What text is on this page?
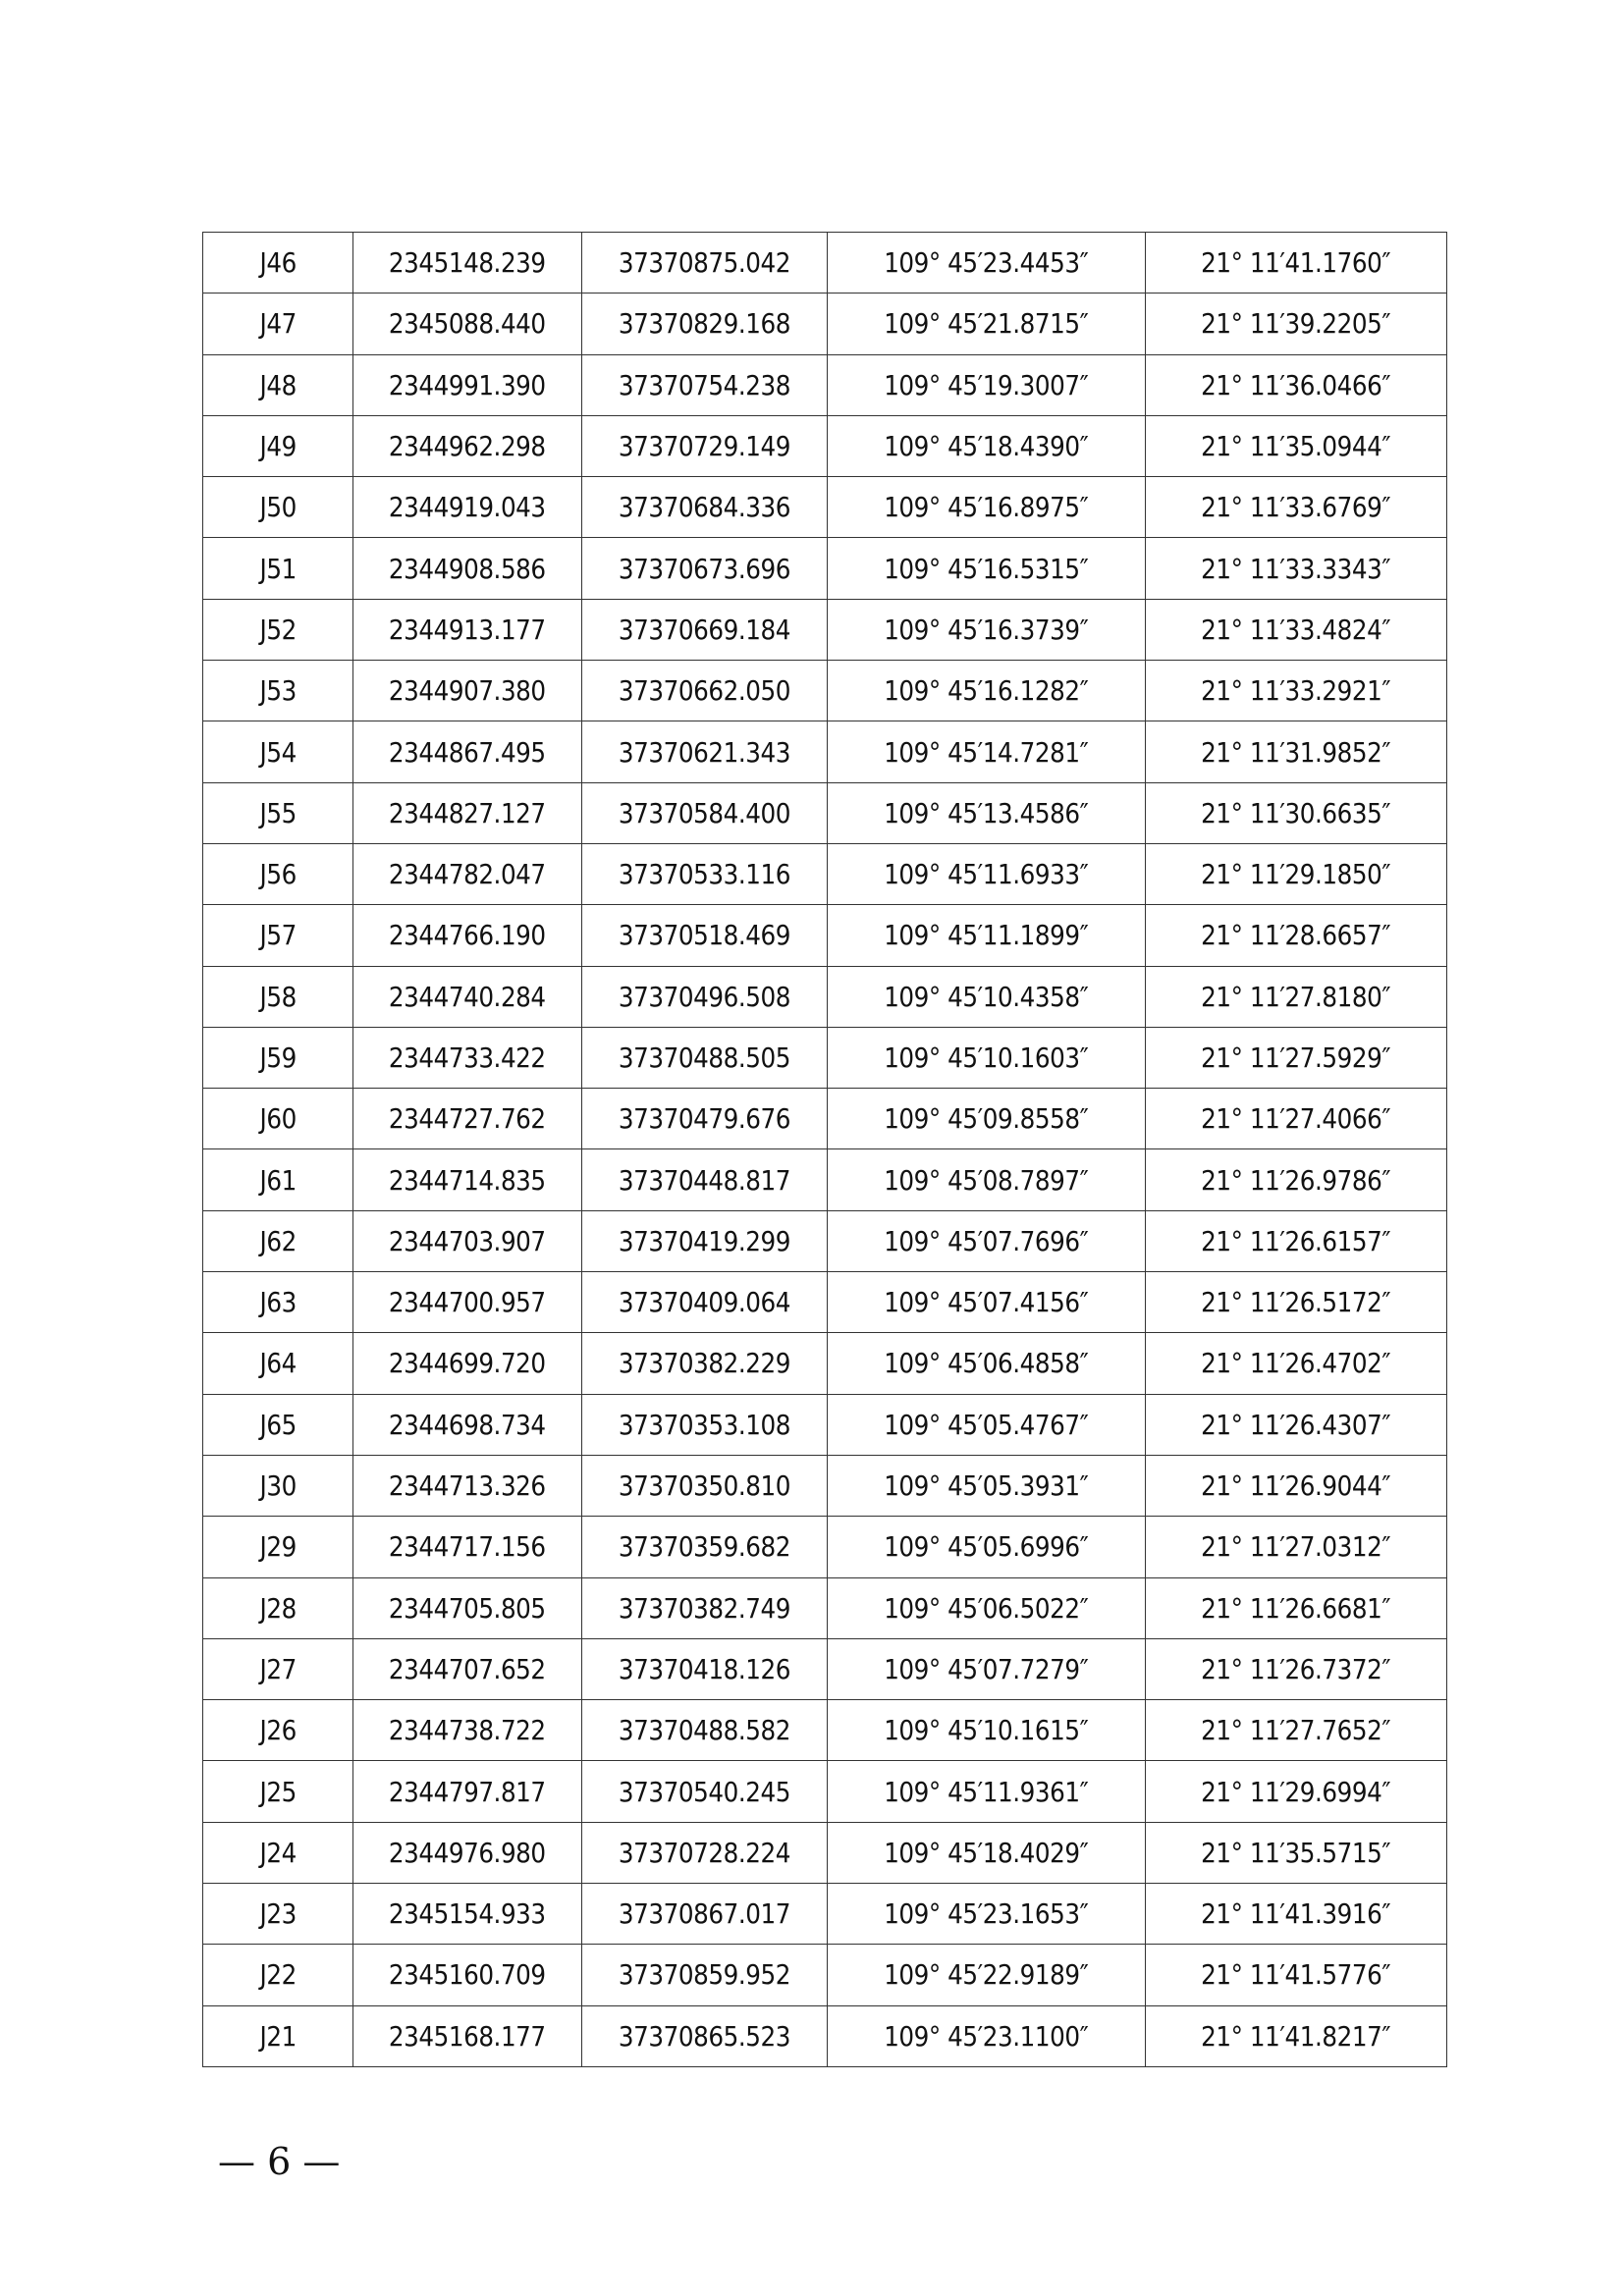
J46	2345148.239	37370875.042	109° 45′23.4453″	21° 11′41.1760″
J47	2345088.440	37370829.168	109° 45′21.8715″	21° 11′39.2205″
J48	2344991.390	37370754.238	109° 45′19.3007″	21° 11′36.0466″
J49	2344962.298	37370729.149	109° 45′18.4390″	21° 11′35.0944″
J50	2344919.043	37370684.336	109° 45′16.8975″	21° 11′33.6769″
J51	2344908.586	37370673.696	109° 45′16.5315″	21° 11′33.3343″
J52	2344913.177	37370669.184	109° 45′16.3739″	21° 11′33.4824″
J53	2344907.380	37370662.050	109° 45′16.1282″	21° 11′33.2921″
J54	2344867.495	37370621.343	109° 45′14.7281″	21° 11′31.9852″
J55	2344827.127	37370584.400	109° 45′13.4586″	21° 11′30.6635″
J56	2344782.047	37370533.116	109° 45′11.6933″	21° 11′29.1850″
J57	2344766.190	37370518.469	109° 45′11.1899″	21° 11′28.6657″
J58	2344740.284	37370496.508	109° 45′10.4358″	21° 11′27.8180″
J59	2344733.422	37370488.505	109° 45′10.1603″	21° 11′27.5929″
J60	2344727.762	37370479.676	109° 45′09.8558″	21° 11′27.4066″
J61	2344714.835	37370448.817	109° 45′08.7897″	21° 11′26.9786″
J62	2344703.907	37370419.299	109° 45′07.7696″	21° 11′26.6157″
J63	2344700.957	37370409.064	109° 45′07.4156″	21° 11′26.5172″
J64	2344699.720	37370382.229	109° 45′06.4858″	21° 11′26.4702″
J65	2344698.734	37370353.108	109° 45′05.4767″	21° 11′26.4307″
J30	2344713.326	37370350.810	109° 45′05.3931″	21° 11′26.9044″
J29	2344717.156	37370359.682	109° 45′05.6996″	21° 11′27.0312″
J28	2344705.805	37370382.749	109° 45′06.5022″	21° 11′26.6681″
J27	2344707.652	37370418.126	109° 45′07.7279″	21° 11′26.7372″
J26	2344738.722	37370488.582	109° 45′10.1615″	21° 11′27.7652″
J25	2344797.817	37370540.245	109° 45′11.9361″	21° 11′29.6994″
J24	2344976.980	37370728.224	109° 45′18.4029″	21° 11′35.5715″
J23	2345154.933	37370867.017	109° 45′23.1653″	21° 11′41.3916″
J22	2345160.709	37370859.952	109° 45′22.9189″	21° 11′41.5776″
J21	2345168.177	37370865.523	109° 45′23.1100″	21° 11′41.8217″
— 6 —
